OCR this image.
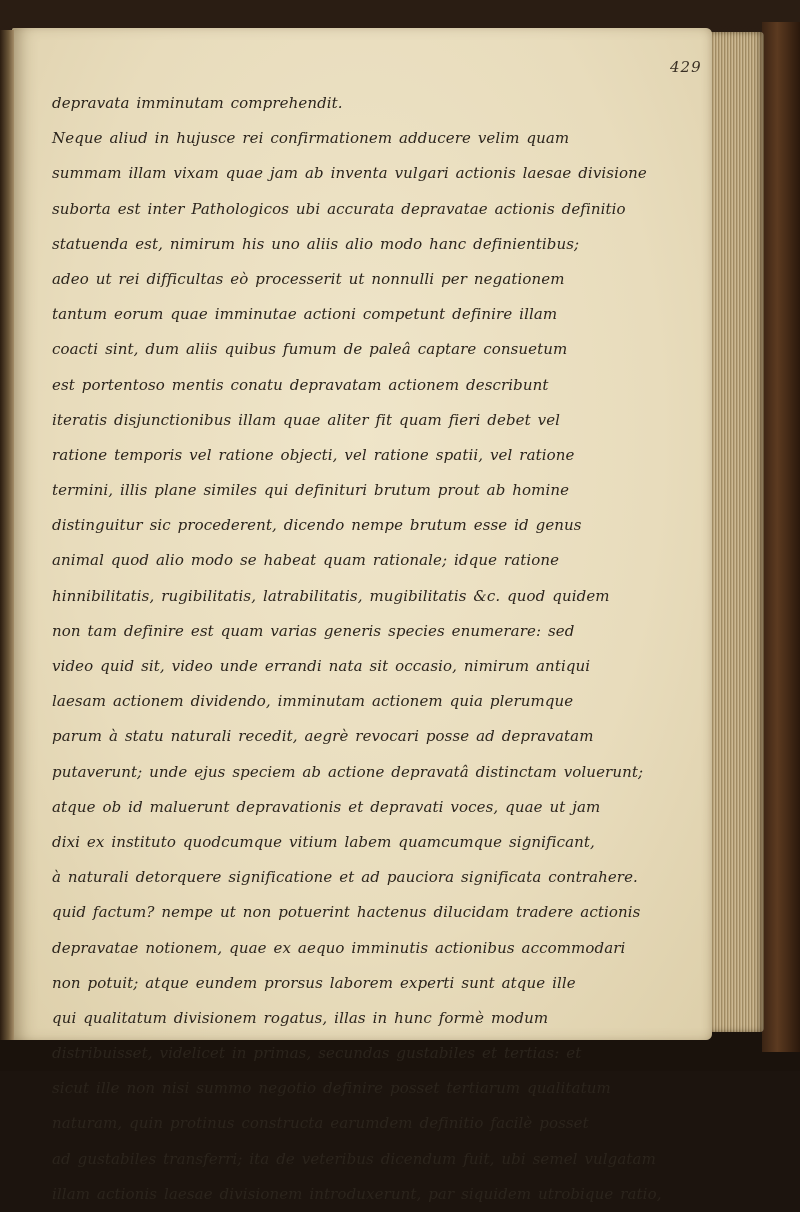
429

depravata imminutam comprehendit.
Neque aliud in hujusce rei confirmationem adducere velim quam
summam illam vixam quae jam ab inventa vulgari actionis laesae divisione
suborta est inter Pathologicos ubi accurata depravatae actionis definitio
statuenda est, nimirum his uno aliis alio modo hanc definientibus;
adeo ut rei difficultas eò processerit ut nonnulli per negationem
tantum eorum quae imminutae actioni competunt definire illam
coacti sint, dum aliis quibus fumum de paleâ captare consuetum
est portentoso mentis conatu depravatam actionem describunt
iteratis disjunctionibus illam quae aliter fit quam fieri debet vel
ratione temporis vel ratione objecti, vel ratione spatii, vel ratione
termini, illis plane similes qui definituri brutum prout ab homine
distinguitur sic procederent, dicendo nempe brutum esse id genus
animal quod alio modo se habeat quam rationale; idque ratione
hinnibilitatis, rugibilitatis, latrabilitatis, mugibilitatis &c. quod quidem
non tam definire est quam varias generis species enumerare: sed
video quid sit, video unde errandi nata sit occasio, nimirum antiqui
laesam actionem dividendo, imminutam actionem quia plerumque
parum à statu naturali recedit, aegrè revocari posse ad depravatam
putaverunt; unde ejus speciem ab actione depravatâ distinctam voluerunt;
atque ob id maluerunt depravationis et depravati voces, quae ut jam
dixi ex instituto quodcumque vitium labem quamcumque significant,
à naturali detorquere significatione et ad pauciora significata contrahere.
quid factum? nempe ut non potuerint hactenus dilucidam tradere actionis
depravatae notionem, quae ex aequo imminutis actionibus accommodari
non potuit; atque eundem prorsus laborem experti sunt atque ille
qui qualitatum divisionem rogatus, illas in hunc formè modum
distribuisset, videlicet in primas, secundas gustabiles et tertias: et
sicut ille non nisi summo negotio definire posset tertiarum qualitatum
naturam, quin protinus constructa earumdem definitio facilè posset
ad gustabiles transferri; ita de veteribus dicendum fuit, ubi semel vulgatam
illam actionis laesae divisionem introduxerunt, par siquidem utrobique ratio,
